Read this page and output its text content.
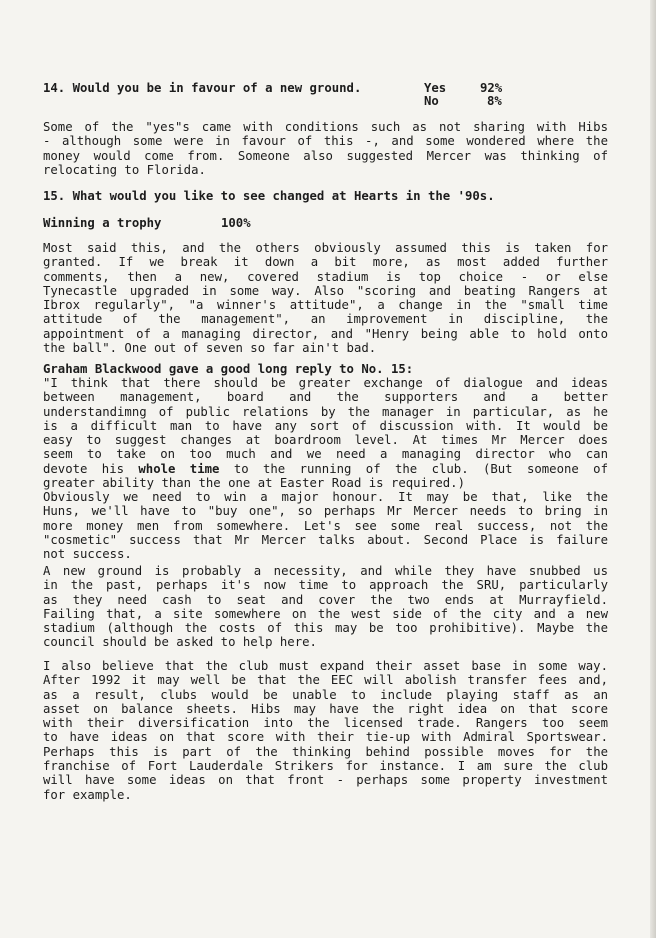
14. Would you be in favour of a new ground.	Yes	92%
No	8%
Some of the "yes"s came with conditions such as not sharing with Hibs
- although some were in favour of this -, and some wondered where the
money would come from. Someone also suggested Mercer was thinking of
relocating to Florida.
15. What would you like to see changed at Hearts in the '90s.
Winning a trophy	100%
Most said this, and the others obviously assumed this is taken for
granted. If we break it down a bit more, as most added further
comments, then a new, covered stadium is top choice - or else
Tynecastle upgraded in some way. Also "scoring and beating Rangers at
Ibrox regularly", "a winner's attitude", a change in the "small time
attitude of the management", an improvement in discipline, the
appointment of a managing director, and "Henry being able to hold onto
the ball". One out of seven so far ain't bad.
Graham Blackwood gave a good long reply to No. 15:
"I think that there should be greater exchange of dialogue and ideas
between management, board and the supporters and a better
understandimng of public relations by the manager in particular, as he
is a difficult man to have any sort of discussion with. It would be
easy to suggest changes at boardroom level. At times Mr Mercer does
seem to take on too much and we need a managing director who can
devote his whole time to the running of the club. (But someone of
greater ability than the one at Easter Road is required.)
Obviously we need to win a major honour. It may be that, like the
Huns, we'll have to "buy one", so perhaps Mr Mercer needs to bring in
more money men from somewhere. Let's see some real success, not the
"cosmetic" success that Mr Mercer talks about. Second Place is failure
not success.
A new ground is probably a necessity, and while they have snubbed us
in the past, perhaps it's now time to approach the SRU, particularly
as they need cash to seat and cover the two ends at Murrayfield.
Failing that, a site somewhere on the west side of the city and a new
stadium (although the costs of this may be too prohibitive). Maybe the
council should be asked to help here.
I also believe that the club must expand their asset base in some way.
After 1992 it may well be that the EEC will abolish transfer fees and,
as a result, clubs would be unable to include playing staff as an
asset on balance sheets. Hibs may have the right idea on that score
with their diversification into the licensed trade. Rangers too seem
to have ideas on that score with their tie-up with Admiral Sportswear.
Perhaps this is part of the thinking behind possible moves for the
franchise of Fort Lauderdale Strikers for instance. I am sure the club
will have some ideas on that front - perhaps some property investment
for example.
